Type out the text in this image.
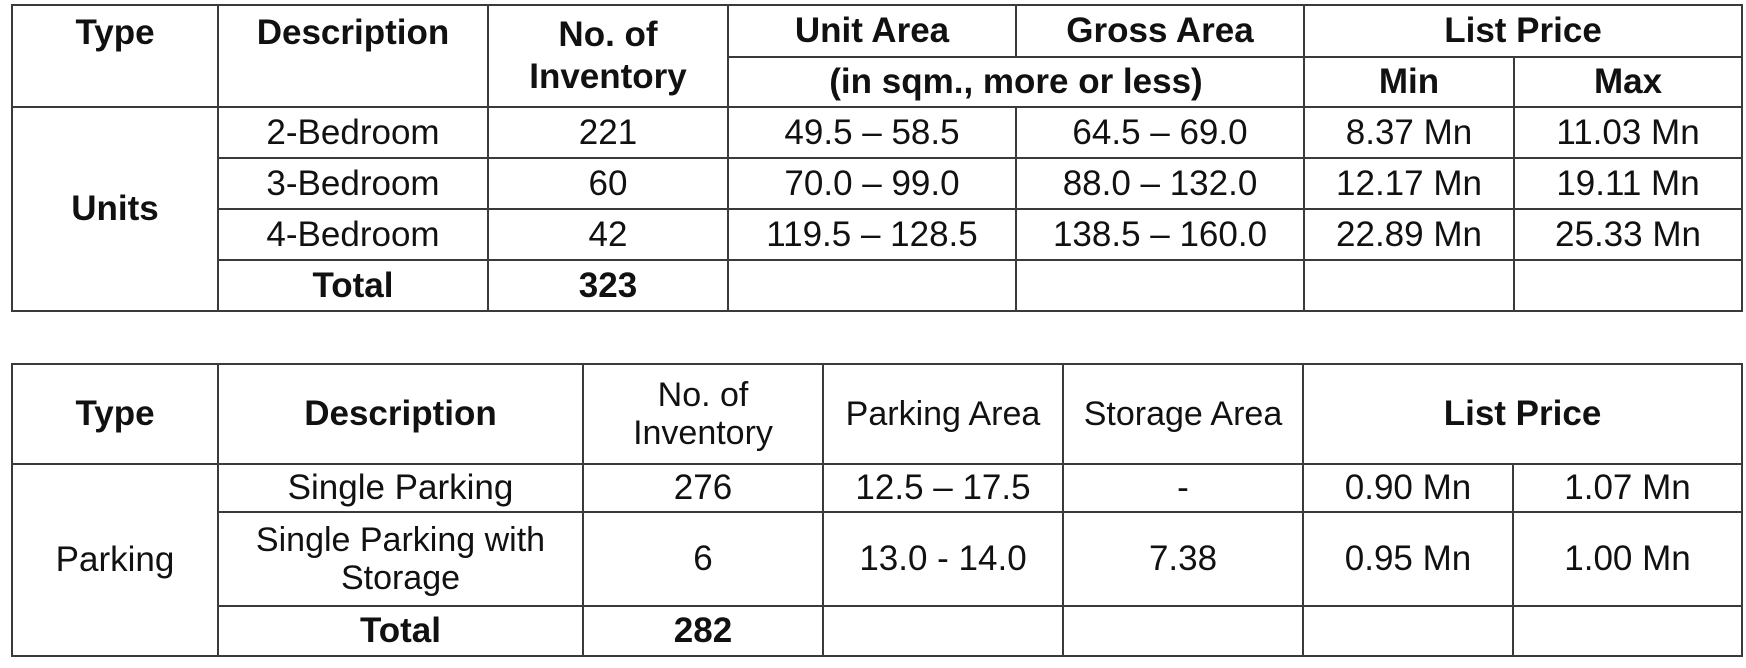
Type	Description	No. of Inventory	Unit Area	Gross Area	List Price	
			(in sqm., more or less)		Min	Max
Units	2-Bedroom	221	49.5 – 58.5	64.5 – 69.0	8.37 Mn	11.03 Mn
	3-Bedroom	60	70.0 – 99.0	88.0 – 132.0	12.17 Mn	19.11 Mn
	4-Bedroom	42	119.5 – 128.5	138.5 – 160.0	22.89 Mn	25.33 Mn
	Total	323				
Type	Description	No. of Inventory	Parking Area	Storage Area	List Price	
Parking	Single Parking	276	12.5 – 17.5	-	0.90 Mn	1.07 Mn
	Single Parking with Storage	6	13.0 - 14.0	7.38	0.95 Mn	1.00 Mn
	Total	282				
